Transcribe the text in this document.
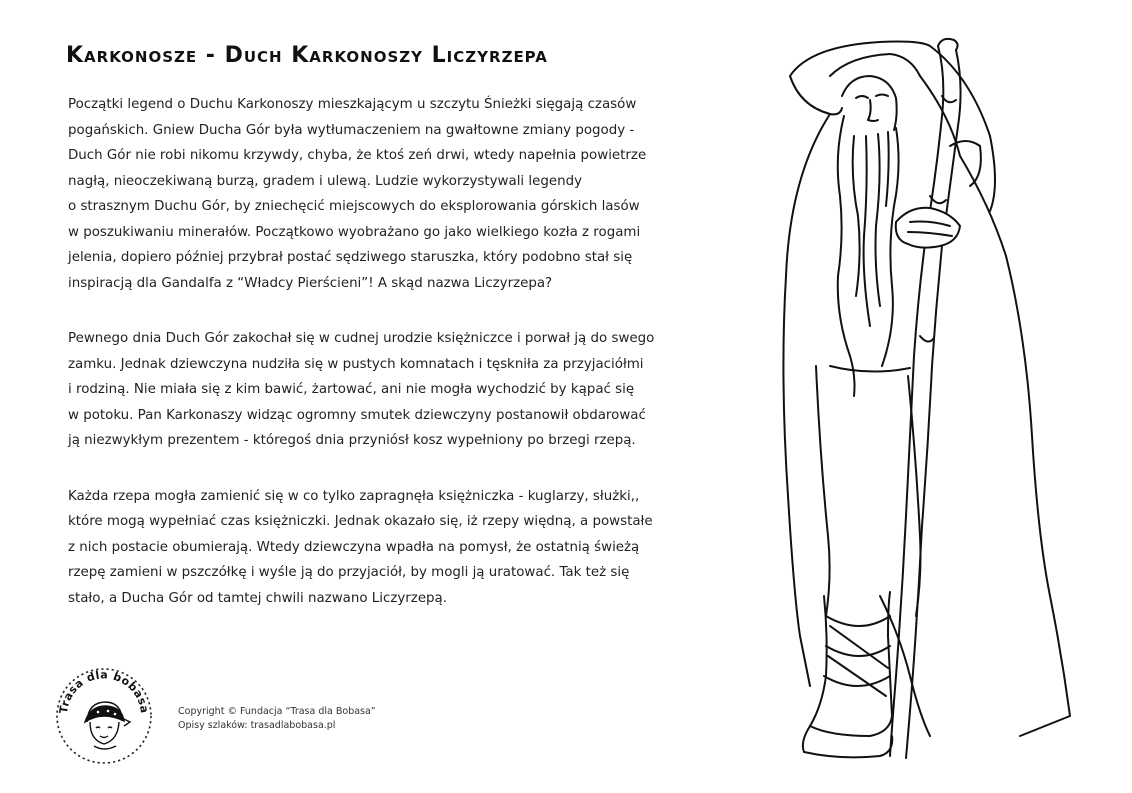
Karkonosze - Duch Karkonoszy Liczyrzepa

Początki legend o Duchu Karkonoszy mieszkającym u szczytu Śnieżki sięgają czasów
pogańskich. Gniew Ducha Gór była wytłumaczeniem na gwałtowne zmiany pogody -
Duch Gór nie robi nikomu krzywdy, chyba, że ktoś zeń drwi, wtedy napełnia powietrze
nagłą, nieoczekiwaną burzą, gradem i ulewą. Ludzie wykorzystywali legendy
o strasznym Duchu Gór, by zniechęcić miejscowych do eksplorowania górskich lasów
w poszukiwaniu minerałów. Początkowo wyobrażano go jako wielkiego kozła z rogami
jelenia, dopiero później przybrał postać sędziwego staruszka, który podobno stał się
inspiracją dla Gandalfa z “Władcy Pierścieni”! A skąd nazwa Liczyrzepa?

Pewnego dnia Duch Gór zakochał się w cudnej urodzie księżniczce i porwał ją do swego
zamku. Jednak dziewczyna nudziła się w pustych komnatach i tęskniła za przyjaciółmi
i rodziną. Nie miała się z kim bawić, żartować, ani nie mogła wychodzić by kąpać się
w potoku. Pan Karkonaszy widząc ogromny smutek dziewczyny postanowił obdarować
ją niezwykłym prezentem - któregoś dnia przyniósł kosz wypełniony po brzegi rzepą.

Każda rzepa mogła zamienić się w co tylko zapragnęła księżniczka - kuglarzy, służki,,
które mogą wypełniać czas księżniczki. Jednak okazało się, iż rzepy więdną, a powstałe
z nich postacie obumierają. Wtedy dziewczyna wpadła na pomysł, że ostatnią świeżą
rzepę zamieni w pszczółkę i wyśle ją do przyjaciół, by mogli ją uratować. Tak też się
stało, a Ducha Gór od tamtej chwili nazwano Liczyrzepą.

Trasa dla bobasa	Copyright © Fundacja “Trasa dla Bobasa”
Opisy szlaków: trasadlabobasa.pl
